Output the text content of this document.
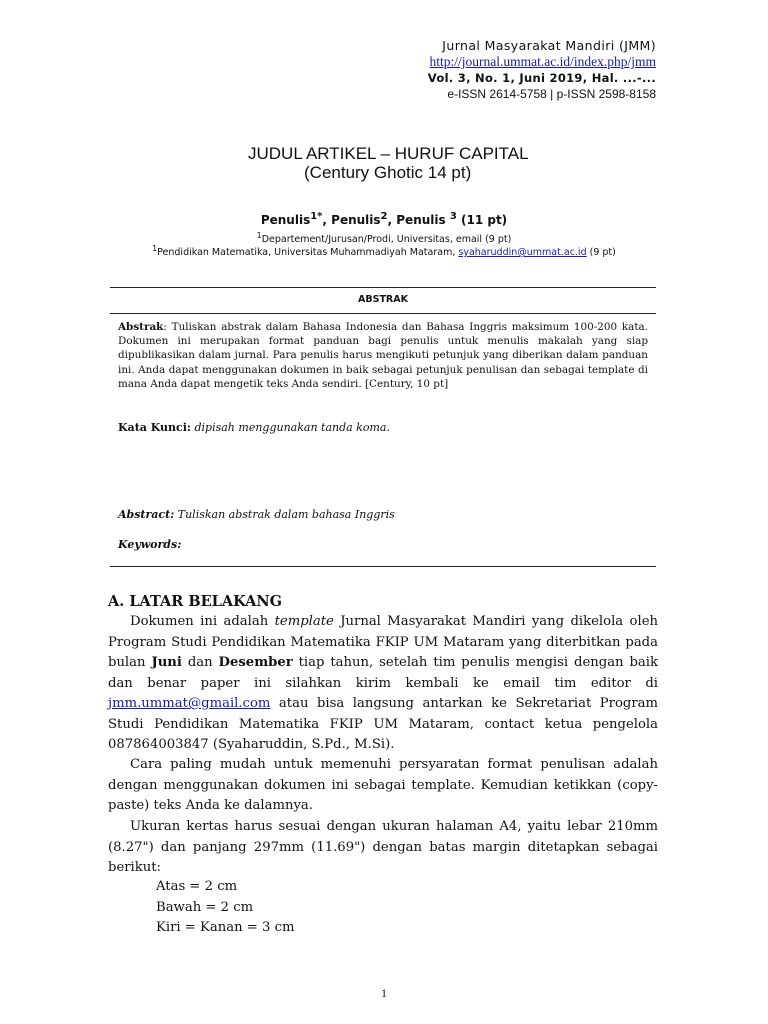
Jurnal Masyarakat Mandiri (JMM)
http://journal.ummat.ac.id/index.php/jmm
Vol. 3, No. 1, Juni 2019, Hal. ...-...
e-ISSN 2614-5758 | p-ISSN 2598-8158
JUDUL ARTIKEL – HURUF CAPITAL
(Century Ghotic 14 pt)
Penulis$^{1*}$, Penulis$^2$, Penulis $^3$ (11 pt)
$^1$Departement/Jurusan/Prodi, Universitas, email (9 pt)
$^1$Pendidikan Matematika, Universitas Muhammadiyah Mataram, syaharuddin@ummat.ac.id (9 pt)
ABSTRAK
Abstrak: Tuliskan abstrak dalam Bahasa Indonesia dan Bahasa Inggris maksimum 100-200 kata. Dokumen ini merupakan format panduan bagi penulis untuk menulis makalah yang siap dipublikasikan dalam jurnal. Para penulis harus mengikuti petunjuk yang diberikan dalam panduan ini. Anda dapat menggunakan dokumen in baik sebagai petunjuk penulisan dan sebagai template di mana Anda dapat mengetik teks Anda sendiri. [Century, 10 pt]
Kata Kunci: dipisah menggunakan tanda koma.
Abstract: Tuliskan abstrak dalam bahasa Inggris
Keywords:
A. LATAR BELAKANG
Dokumen ini adalah template Jurnal Masyarakat Mandiri yang dikelola oleh Program Studi Pendidikan Matematika FKIP UM Mataram yang diterbitkan pada bulan Juni dan Desember tiap tahun, setelah tim penulis mengisi dengan baik dan benar paper ini silahkan kirim kembali ke email tim editor di jmm.ummat@gmail.com atau bisa langsung antarkan ke Sekretariat Program Studi Pendidikan Matematika FKIP UM Mataram, contact ketua pengelola 087864003847 (Syaharuddin, S.Pd., M.Si).
Cara paling mudah untuk memenuhi persyaratan format penulisan adalah dengan menggunakan dokumen ini sebagai template. Kemudian ketikkan (copy-paste) teks Anda ke dalamnya.
Ukuran kertas harus sesuai dengan ukuran halaman A4, yaitu lebar 210mm (8.27") dan panjang 297mm (11.69") dengan batas margin ditetapkan sebagai berikut:
Atas = 2 cm
Bawah = 2 cm
Kiri = Kanan = 3 cm
1
